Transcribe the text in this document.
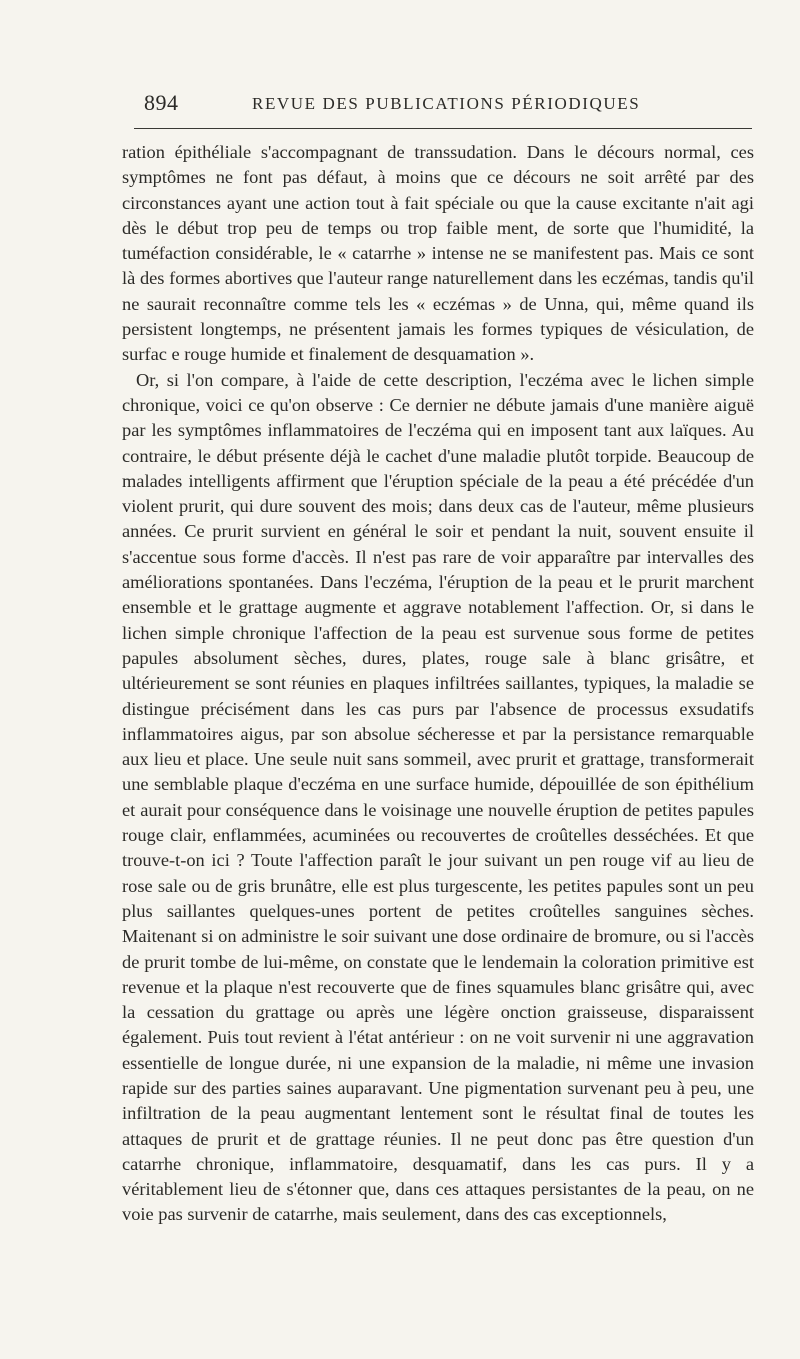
894	REVUE DES PUBLICATIONS PÉRIODIQUES

ration épithéliale s'accompagnant de transsudation. Dans le décours normal, ces symptômes ne font pas défaut, à moins que ce décours ne soit arrêté par des circonstances ayant une action tout à fait spéciale ou que la cause excitante n'ait agi dès le début trop peu de temps ou trop faible ment, de sorte que l'humidité, la tuméfaction considérable, le « catarrhe » intense ne se manifestent pas. Mais ce sont là des formes abortives que l'auteur range naturellement dans les eczémas, tandis qu'il ne saurait reconnaître comme tels les « eczémas » de Unna, qui, même quand ils persistent longtemps, ne présentent jamais les formes typiques de vésiculation, de surfac e rouge humide et finalement de desquamation ».

Or, si l'on compare, à l'aide de cette description, l'eczéma avec le lichen simple chronique, voici ce qu'on observe : Ce dernier ne débute jamais d'une manière aiguë par les symptômes inflammatoires de l'eczéma qui en imposent tant aux laïques. Au contraire, le début présente déjà le cachet d'une maladie plutôt torpide. Beaucoup de malades intelligents affirment que l'éruption spéciale de la peau a été précédée d'un violent prurit, qui dure souvent des mois; dans deux cas de l'auteur, même plusieurs années. Ce prurit survient en général le soir et pendant la nuit, souvent ensuite il s'accentue sous forme d'accès. Il n'est pas rare de voir apparaître par intervalles des améliorations spontanées. Dans l'eczéma, l'éruption de la peau et le prurit marchent ensemble et le grattage augmente et aggrave notablement l'affection. Or, si dans le lichen simple chronique l'affection de la peau est survenue sous forme de petites papules absolument sèches, dures, plates, rouge sale à blanc grisâtre, et ultérieurement se sont réunies en plaques infiltrées saillantes, typiques, la maladie se distingue précisément dans les cas purs par l'absence de processus exsudatifs inflammatoires aigus, par son absolue sécheresse et par la persistance remarquable aux lieu et place. Une seule nuit sans sommeil, avec prurit et grattage, transformerait une semblable plaque d'eczéma en une surface humide, dépouillée de son épithélium et aurait pour conséquence dans le voisinage une nouvelle éruption de petites papules rouge clair, enflammées, acuminées ou recouvertes de croûtelles desséchées. Et que trouve-t-on ici ? Toute l'affection paraît le jour suivant un pen rouge vif au lieu de rose sale ou de gris brunâtre, elle est plus turgescente, les petites papules sont un peu plus saillantes quelques-unes portent de petites croûtelles sanguines sèches. Maitenant si on administre le soir suivant une dose ordinaire de bromure, ou si l'accès de prurit tombe de lui-même, on constate que le lendemain la coloration primitive est revenue et la plaque n'est recouverte que de fines squamules blanc grisâtre qui, avec la cessation du grattage ou après une légère onction graisseuse, disparaissent également. Puis tout revient à l'état antérieur : on ne voit survenir ni une aggravation essentielle de longue durée, ni une expansion de la maladie, ni même une invasion rapide sur des parties saines auparavant. Une pigmentation survenant peu à peu, une infiltration de la peau augmentant lentement sont le résultat final de toutes les attaques de prurit et de grattage réunies. Il ne peut donc pas être question d'un catarrhe chronique, inflammatoire, desquamatif, dans les cas purs. Il y a véritablement lieu de s'étonner que, dans ces attaques persistantes de la peau, on ne voie pas survenir de catarrhe, mais seulement, dans des cas exceptionnels,
